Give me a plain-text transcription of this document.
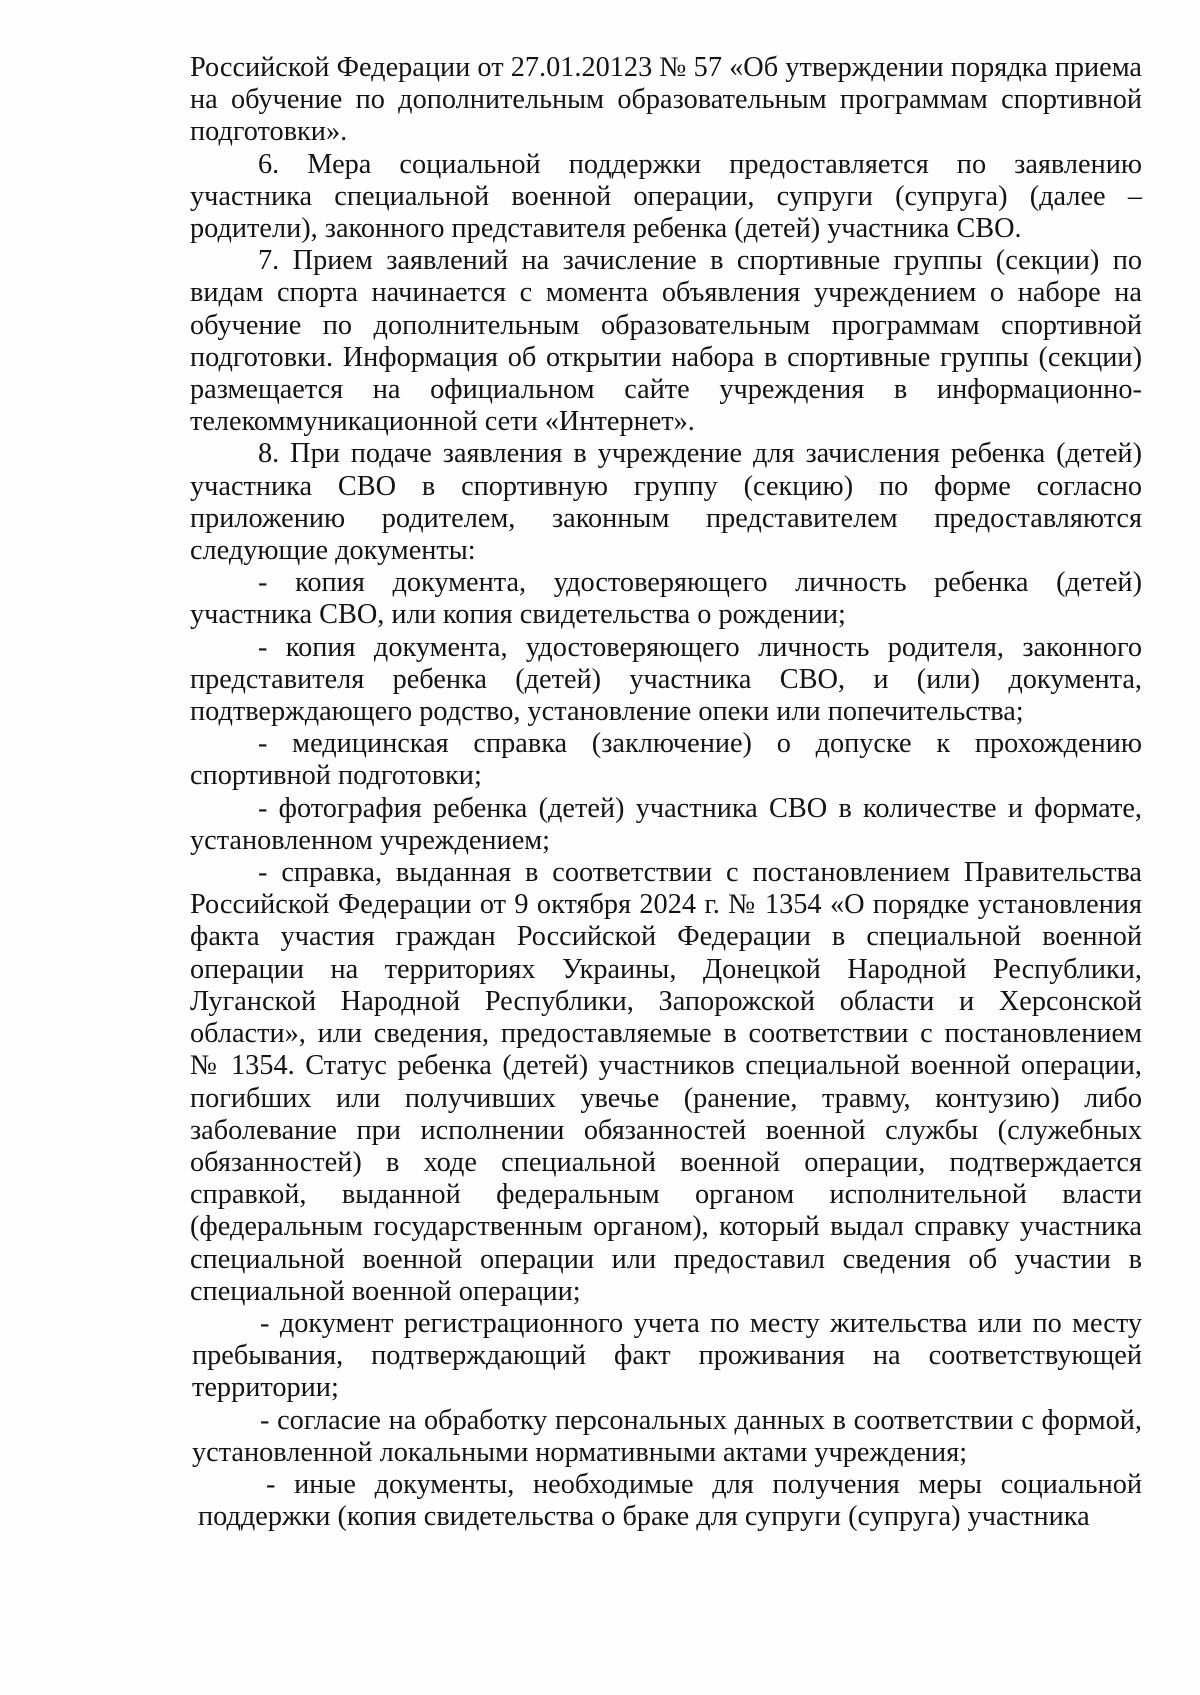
Российской Федерации от 27.01.20123 № 57 «Об утверждении порядка приема на обучение по дополнительным образовательным программам спортивной подготовки».

6. Мера социальной поддержки предоставляется по заявлению участника специальной военной операции, супруги (супруга) (далее – родители), законного представителя ребенка (детей) участника СВО.

7. Прием заявлений на зачисление в спортивные группы (секции) по видам спорта начинается с момента объявления учреждением о наборе на обучение по дополнительным образовательным программам спортивной подготовки. Информация об открытии набора в спортивные группы (секции) размещается на официальном сайте учреждения в информационно-телекоммуникационной сети «Интернет».

8. При подаче заявления в учреждение для зачисления ребенка (детей) участника СВО в спортивную группу (секцию) по форме согласно приложению родителем, законным представителем предоставляются следующие документы:

- копия документа, удостоверяющего личность ребенка (детей) участника СВО, или копия свидетельства о рождении;

- копия документа, удостоверяющего личность родителя, законного представителя ребенка (детей) участника СВО, и (или) документа, подтверждающего родство, установление опеки или попечительства;

- медицинская справка (заключение) о допуске к прохождению спортивной подготовки;

- фотография ребенка (детей) участника СВО в количестве и формате, установленном учреждением;

- справка, выданная в соответствии с постановлением Правительства Российской Федерации от 9 октября 2024 г. № 1354 «О порядке установления факта участия граждан Российской Федерации в специальной военной операции на территориях Украины, Донецкой Народной Республики, Луганской Народной Республики, Запорожской области и Херсонской области», или сведения, предоставляемые в соответствии с постановлением № 1354. Статус ребенка (детей) участников специальной военной операции, погибших или получивших увечье (ранение, травму, контузию) либо заболевание при исполнении обязанностей военной службы (служебных обязанностей) в ходе специальной военной операции, подтверждается справкой, выданной федеральным органом исполнительной власти (федеральным государственным органом), который выдал справку участника специальной военной операции или предоставил сведения об участии в специальной военной операции;

- документ регистрационного учета по месту жительства или по месту пребывания, подтверждающий факт проживания на соответствующей территории;

- согласие на обработку персональных данных в соответствии с формой, установленной локальными нормативными актами учреждения;

- иные документы, необходимые для получения меры социальной поддержки (копия свидетельства о браке для супруги (супруга) участника
